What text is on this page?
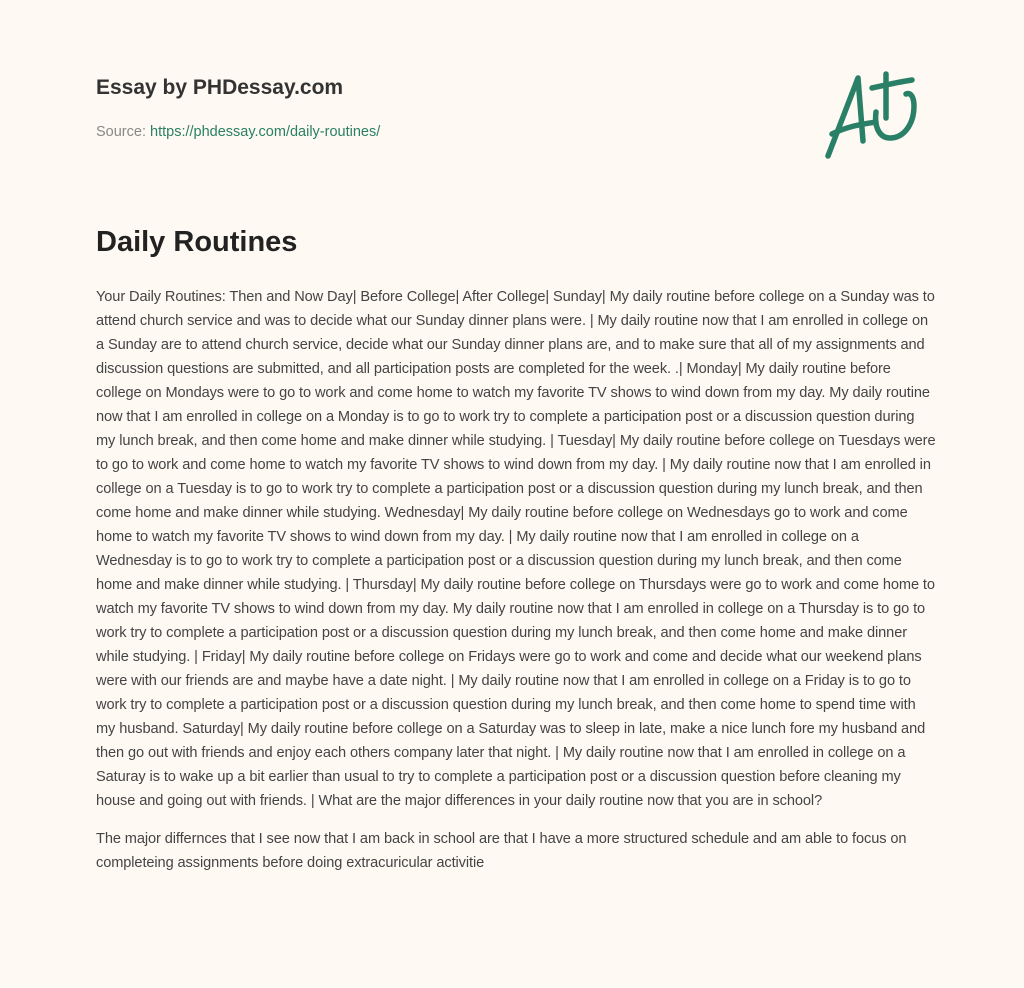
Essay by PHDessay.com
Source: https://phdessay.com/daily-routines/
Daily Routines

Your Daily Routines: Then and Now Day| Before College| After College| Sunday| My daily routine before college on a Sunday was to attend church service and was to decide what our Sunday dinner plans were. | My daily routine now that I am enrolled in college on a Sunday are to attend church service, decide what our Sunday dinner plans are, and to make sure that all of my assignments and discussion questions are submitted, and all participation posts are completed for the week. .| Monday| My daily routine before college on Mondays were to go to work and come home to watch my favorite TV shows to wind down from my day. My daily routine now that I am enrolled in college on a Monday is to go to work try to complete a participation post or a discussion question during my lunch break, and then come home and make dinner while studying. | Tuesday| My daily routine before college on Tuesdays were to go to work and come home to watch my favorite TV shows to wind down from my day. | My daily routine now that I am enrolled in college on a Tuesday is to go to work try to complete a participation post or a discussion question during my lunch break, and then come home and make dinner while studying. Wednesday| My daily routine before college on Wednesdays go to work and come home to watch my favorite TV shows to wind down from my day. | My daily routine now that I am enrolled in college on a Wednesday is to go to work try to complete a participation post or a discussion question during my lunch break, and then come home and make dinner while studying. | Thursday| My daily routine before college on Thursdays were go to work and come home to watch my favorite TV shows to wind down from my day. My daily routine now that I am enrolled in college on a Thursday is to go to work try to complete a participation post or a discussion question during my lunch break, and then come home and make dinner while studying. | Friday| My daily routine before college on Fridays were go to work and come and decide what our weekend plans were with our friends are and maybe have a date night. | My daily routine now that I am enrolled in college on a Friday is to go to work try to complete a participation post or a discussion question during my lunch break, and then come home to spend time with my husband. Saturday| My daily routine before college on a Saturday was to sleep in late, make a nice lunch fore my husband and then go out with friends and enjoy each others company later that night. | My daily routine now that I am enrolled in college on a Saturay is to wake up a bit earlier than usual to try to complete a participation post or a discussion question before cleaning my house and going out with friends. | What are the major differences in your daily routine now that you are in school?

The major differnces that I see now that I am back in school are that I have a more structured schedule and am able to focus on completeing assignments before doing extracuricular activitie
